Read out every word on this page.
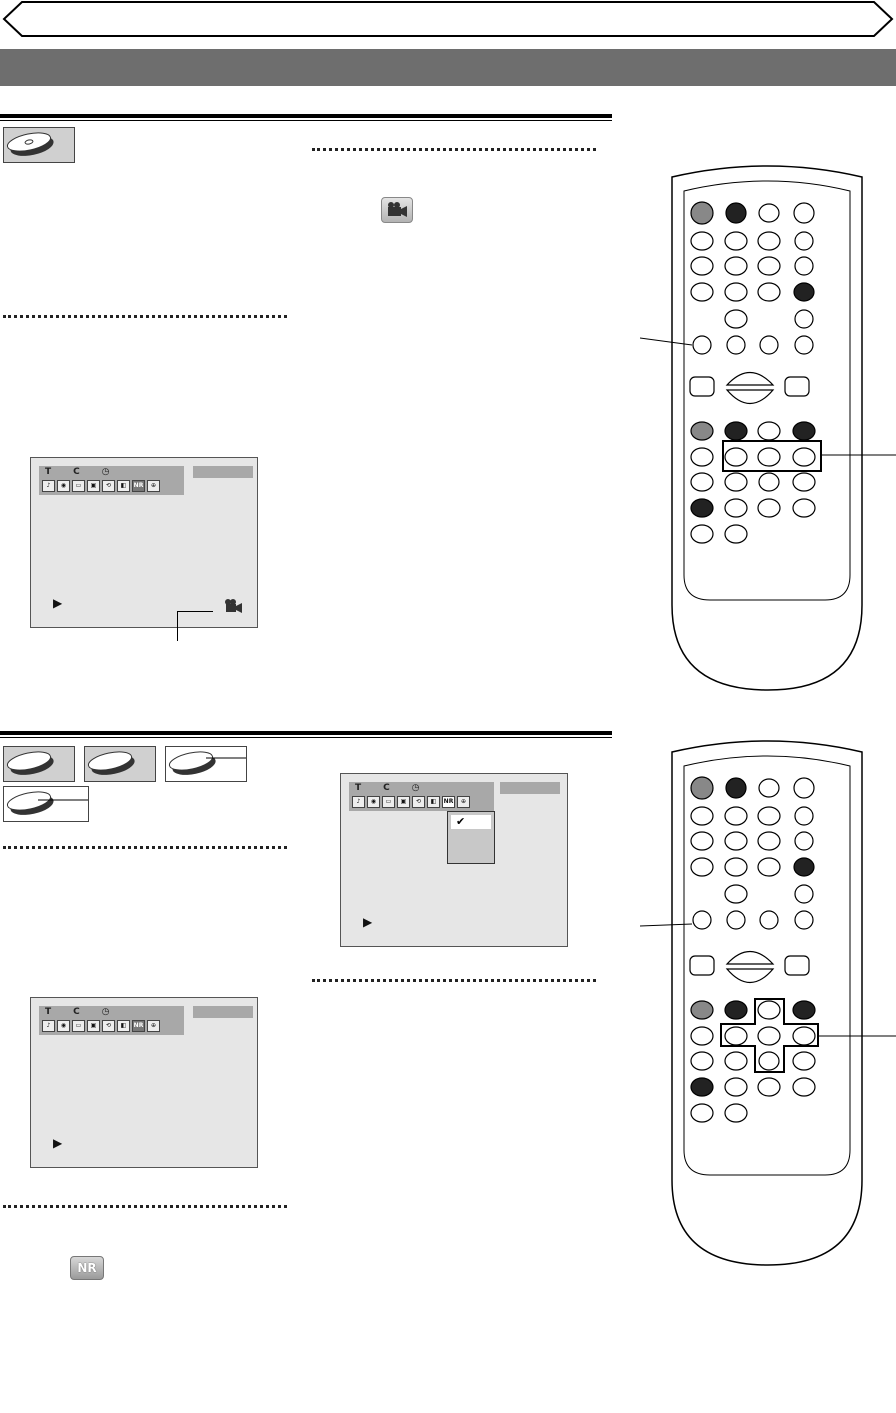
T C ◷
♪	◉	▭	▣	⟲	◧	NR	⊕
▶
T C ◷
♪	◉	▭	▣	⟲	◧	NR	⊕
▶
NR
T C ◷
♪	◉	▭	▣	⟲	◧	NR	⊕
✔
▶
